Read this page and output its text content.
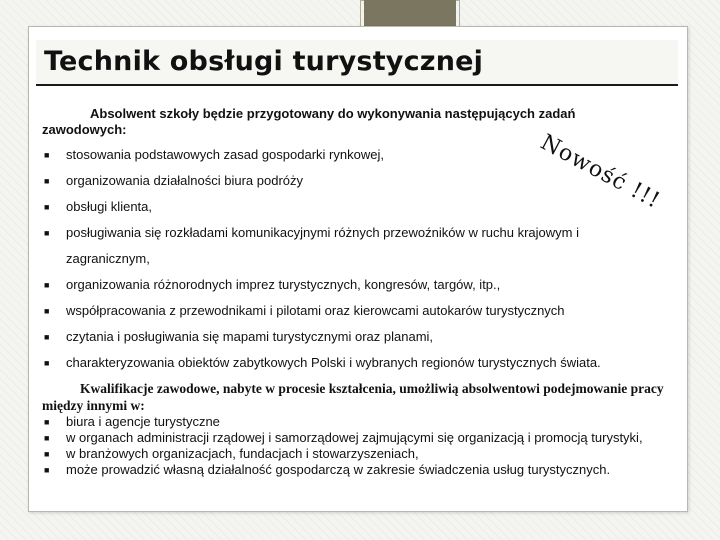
Technik obsługi turystycznej
Absolwent szkoły będzie przygotowany do wykonywania następujących zadań zawodowych:
■ stosowania podstawowych zasad gospodarki rynkowej,
■ organizowania działalności biura podróży
■ obsługi klienta,
■ posługiwania się rozkładami komunikacyjnymi różnych przewoźników w ruchu krajowym i zagranicznym,
■ organizowania różnorodnych imprez turystycznych, kongresów, targów, itp.,
■ współpracowania z przewodnikami i pilotami oraz kierowcami autokarów turystycznych
■ czytania i posługiwania się mapami turystycznymi oraz planami,
■ charakteryzowania obiektów zabytkowych Polski i wybranych regionów turystycznych świata.
Nowość !!!
Kwalifikacje zawodowe, nabyte w procesie kształcenia, umożliwią absolwentowi podejmowanie pracy między innymi w:
■ biura i agencje turystyczne
■ w organach administracji rządowej i samorządowej zajmującymi się organizacją i promocją turystyki,
■ w branżowych organizacjach, fundacjach i stowarzyszeniach,
■ może prowadzić własną działalność gospodarczą w zakresie świadczenia usług turystycznych.
